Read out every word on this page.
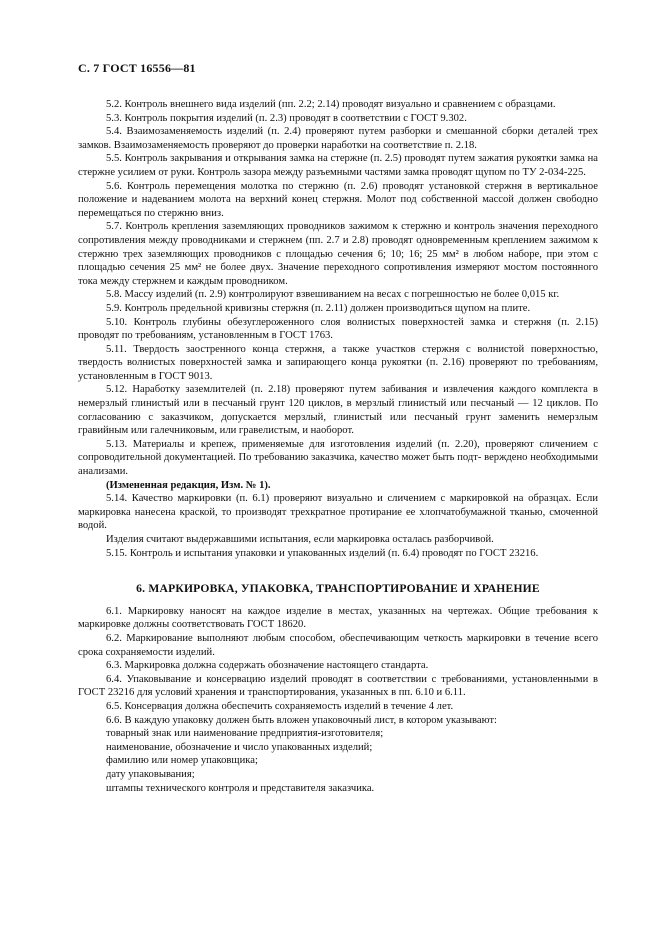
С. 7 ГОСТ 16556—81

5.2. Контроль внешнего вида изделий (пп. 2.2; 2.14) проводят визуально и сравнением с образцами.

5.3. Контроль покрытия изделий (п. 2.3) проводят в соответствии с ГОСТ 9.302.

5.4. Взаимозаменяемость изделий (п. 2.4) проверяют путем разборки и смешанной сборки деталей трех замков. Взаимозаменяемость проверяют до проверки наработки на соответствие п. 2.18.

5.5. Контроль закрывания и открывания замка на стержне (п. 2.5) проводят путем зажатия рукоятки замка на стержне усилием от руки. Контроль зазора между разъемными частями замка проводят щупом по ТУ 2-034-225.

5.6. Контроль перемещения молотка по стержню (п. 2.6) проводят установкой стержня в вертикальное положение и надеванием молота на верхний конец стержня. Молот под собственной массой должен свободно перемещаться по стержню вниз.

5.7. Контроль крепления заземляющих проводников зажимом к стержню и контроль значения переходного сопротивления между проводниками и стержнем (пп. 2.7 и 2.8) проводят одновременным креплением зажимом к стержню трех заземляющих проводников с площадью сечения 6; 10; 16; 25 мм² в любом наборе, при этом с площадью сечения 25 мм² не более двух. Значение переходного сопротивления измеряют мостом постоянного тока между стержнем и каждым проводником.

5.8. Массу изделий (п. 2.9) контролируют взвешиванием на весах с погрешностью не более 0,015 кг.

5.9. Контроль предельной кривизны стержня (п. 2.11) должен производиться щупом на плите.

5.10. Контроль глубины обезуглероженного слоя волнистых поверхностей замка и стержня (п. 2.15) проводят по требованиям, установленным в ГОСТ 1763.

5.11. Твердость заостренного конца стержня, а также участков стержня с волнистой поверхностью, твердость волнистых поверхностей замка и запирающего конца рукоятки (п. 2.16) проверяют по требованиям, установленным в ГОСТ 9013.

5.12. Наработку заземлителей (п. 2.18) проверяют путем забивания и извлечения каждого комплекта в немерзлый глинистый или в песчаный грунт 120 циклов, в мерзлый глинистый или песчаный — 12 циклов. По согласованию с заказчиком, допускается мерзлый, глинистый или песчаный грунт заменить немерзлым гравийным или галечниковым, или гравелистым, и наоборот.

5.13. Материалы и крепеж, применяемые для изготовления изделий (п. 2.20), проверяют сличением с сопроводительной документацией. По требованию заказчика, качество может быть подт- верждено необходимыми анализами.

(Измененная редакция, Изм. № 1).

5.14. Качество маркировки (п. 6.1) проверяют визуально и сличением с маркировкой на образцах. Если маркировка нанесена краской, то производят трехкратное протирание ее хлопчатобумажной тканью, смоченной водой.

Изделия считают выдержавшими испытания, если маркировка осталась разборчивой.

5.15. Контроль и испытания упаковки и упакованных изделий (п. 6.4) проводят по ГОСТ 23216.

6. МАРКИРОВКА, УПАКОВКА, ТРАНСПОРТИРОВАНИЕ И ХРАНЕНИЕ

6.1. Маркировку наносят на каждое изделие в местах, указанных на чертежах. Общие требования к маркировке должны соответствовать ГОСТ 18620.

6.2. Маркирование выполняют любым способом, обеспечивающим четкость маркировки в течение всего срока сохраняемости изделий.

6.3. Маркировка должна содержать обозначение настоящего стандарта.

6.4. Упаковывание и консервацию изделий проводят в соответствии с требованиями, установленными в ГОСТ 23216 для условий хранения и транспортирования, указанных в пп. 6.10 и 6.11.

6.5. Консервация должна обеспечить сохраняемость изделий в течение 4 лет.

6.6. В каждую упаковку должен быть вложен упаковочный лист, в котором указывают:

товарный знак или наименование предприятия-изготовителя;

наименование, обозначение и число упакованных изделий;

фамилию или номер упаковщика;

дату упаковывания;

штампы технического контроля и представителя заказчика.
